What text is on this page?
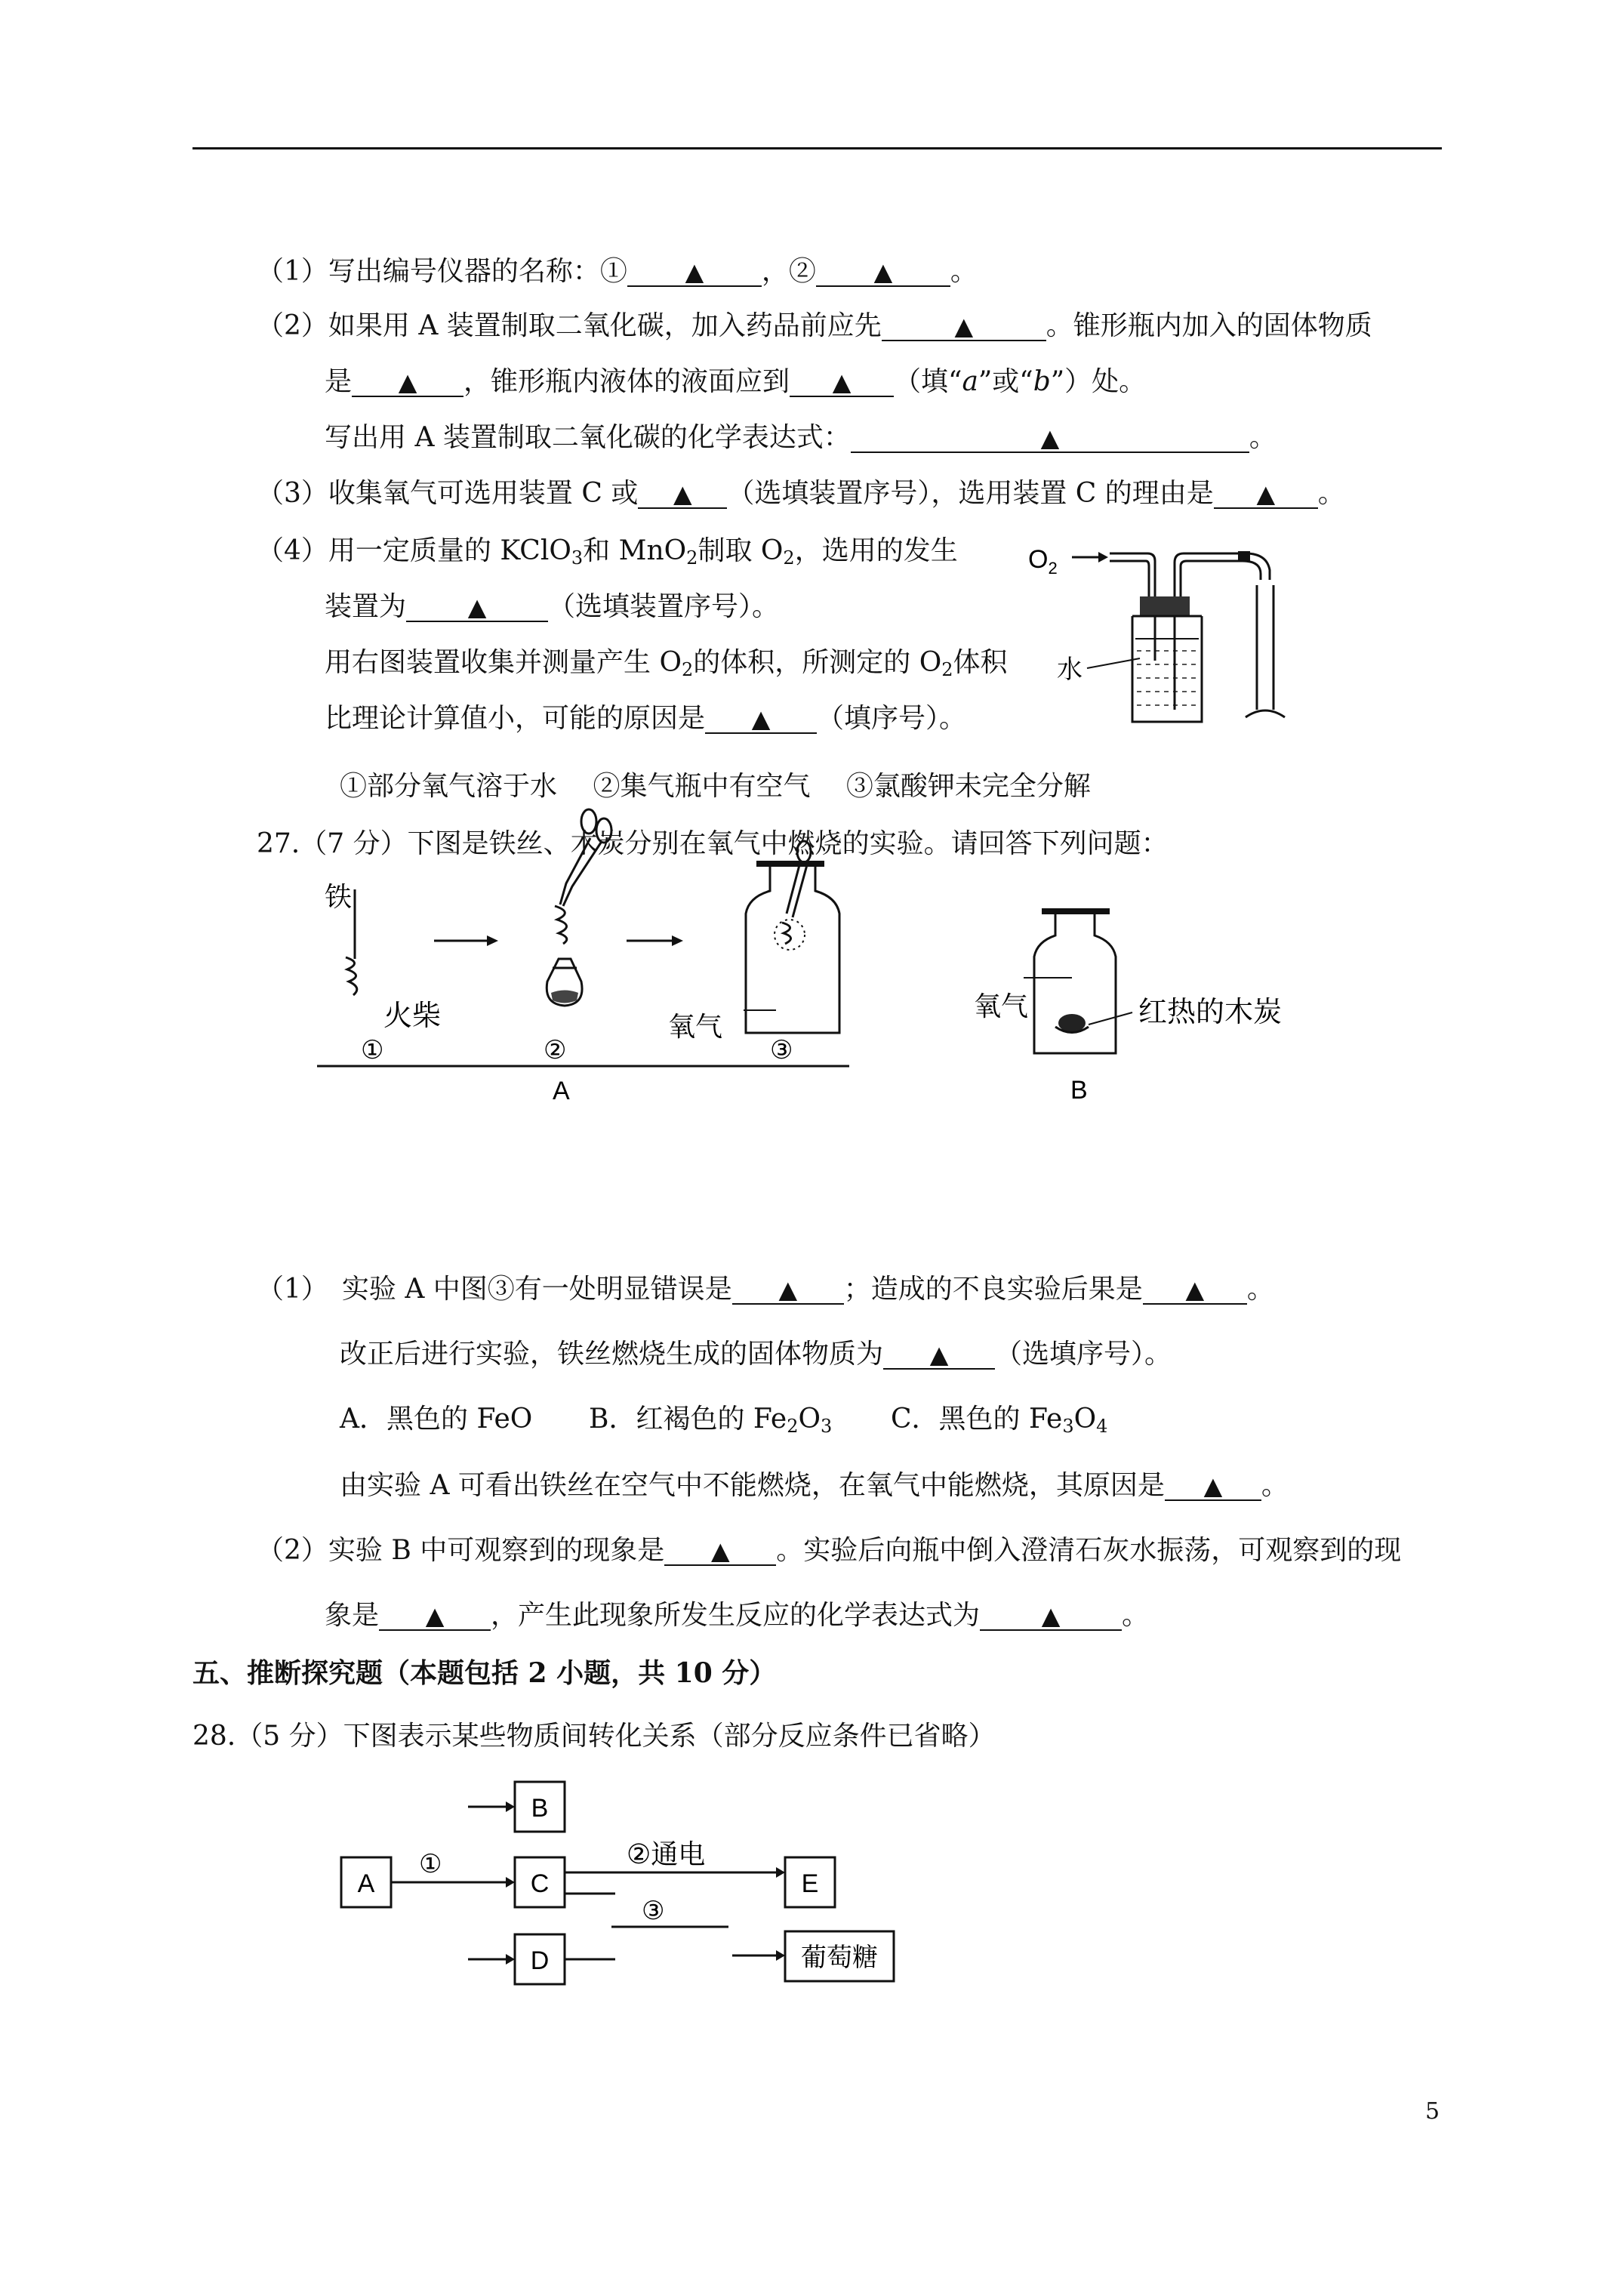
（1）写出编号仪器的名称：① ▲ ，② ▲ 。
（2）如果用 A 装置制取二氧化碳，加入药品前应先	▲	。锥形瓶内加入的固体物质
是 ▲ ，锥形瓶内液体的液面应到 ▲ （填“a”或“b”）处。
写出用 A 装置制取二氧化碳的化学表达式：	▲	。
（3）收集氧气可选用装置 C 或 ▲ （选填装置序号），选用装置 C 的理由是 ▲ 。
（4）用一定质量的 KClO$_3$和 MnO$_2$制取 $O_2$，选用的发生
装置为	▲ （选填装置序号）。
用右图装置收集并测量产生 $O_2$的体积，所测定的 $O_2$体积
比理论计算值小，可能的原因是 ▲ （填序号）。
①部分氧气溶于水　 ②集气瓶中有空气　 ③氯酸钾未完全分解
$O_2$
水
27.（7 分）下图是铁丝、木炭分别在氧气中燃烧的实验。请回答下列问题：
铁
火柴
①	②
氧气
③
A
氧气	红热的木炭
B
（1）　实验 A 中图③有一处明显错误是 ▲ ；造成的不良实验后果是 ▲ 。
改正后进行实验，铁丝燃烧生成的固体物质为 ▲ （选填序号）。
A．黑色的 FeO B．红褐色的 $Fe_2O_3$ C．黑色的 $Fe_3O_4$
由实验 A 可看出铁丝在空气中不能燃烧，在氧气中能燃烧，其原因是 ▲ 。
（2）实验 B 中可观察到的现象是 ▲ 。实验后向瓶中倒入澄清石灰水振荡，可观察到的现
象是 ▲ ，产生此现象所发生反应的化学表达式为	▲ 。
五、推断探究题（本题包括 2 小题，共 10 分）
28.（5 分）下图表示某些物质间转化关系（部分反应条件已省略）
A
B
C
D
E
葡萄糖
①	②通电
③
5
